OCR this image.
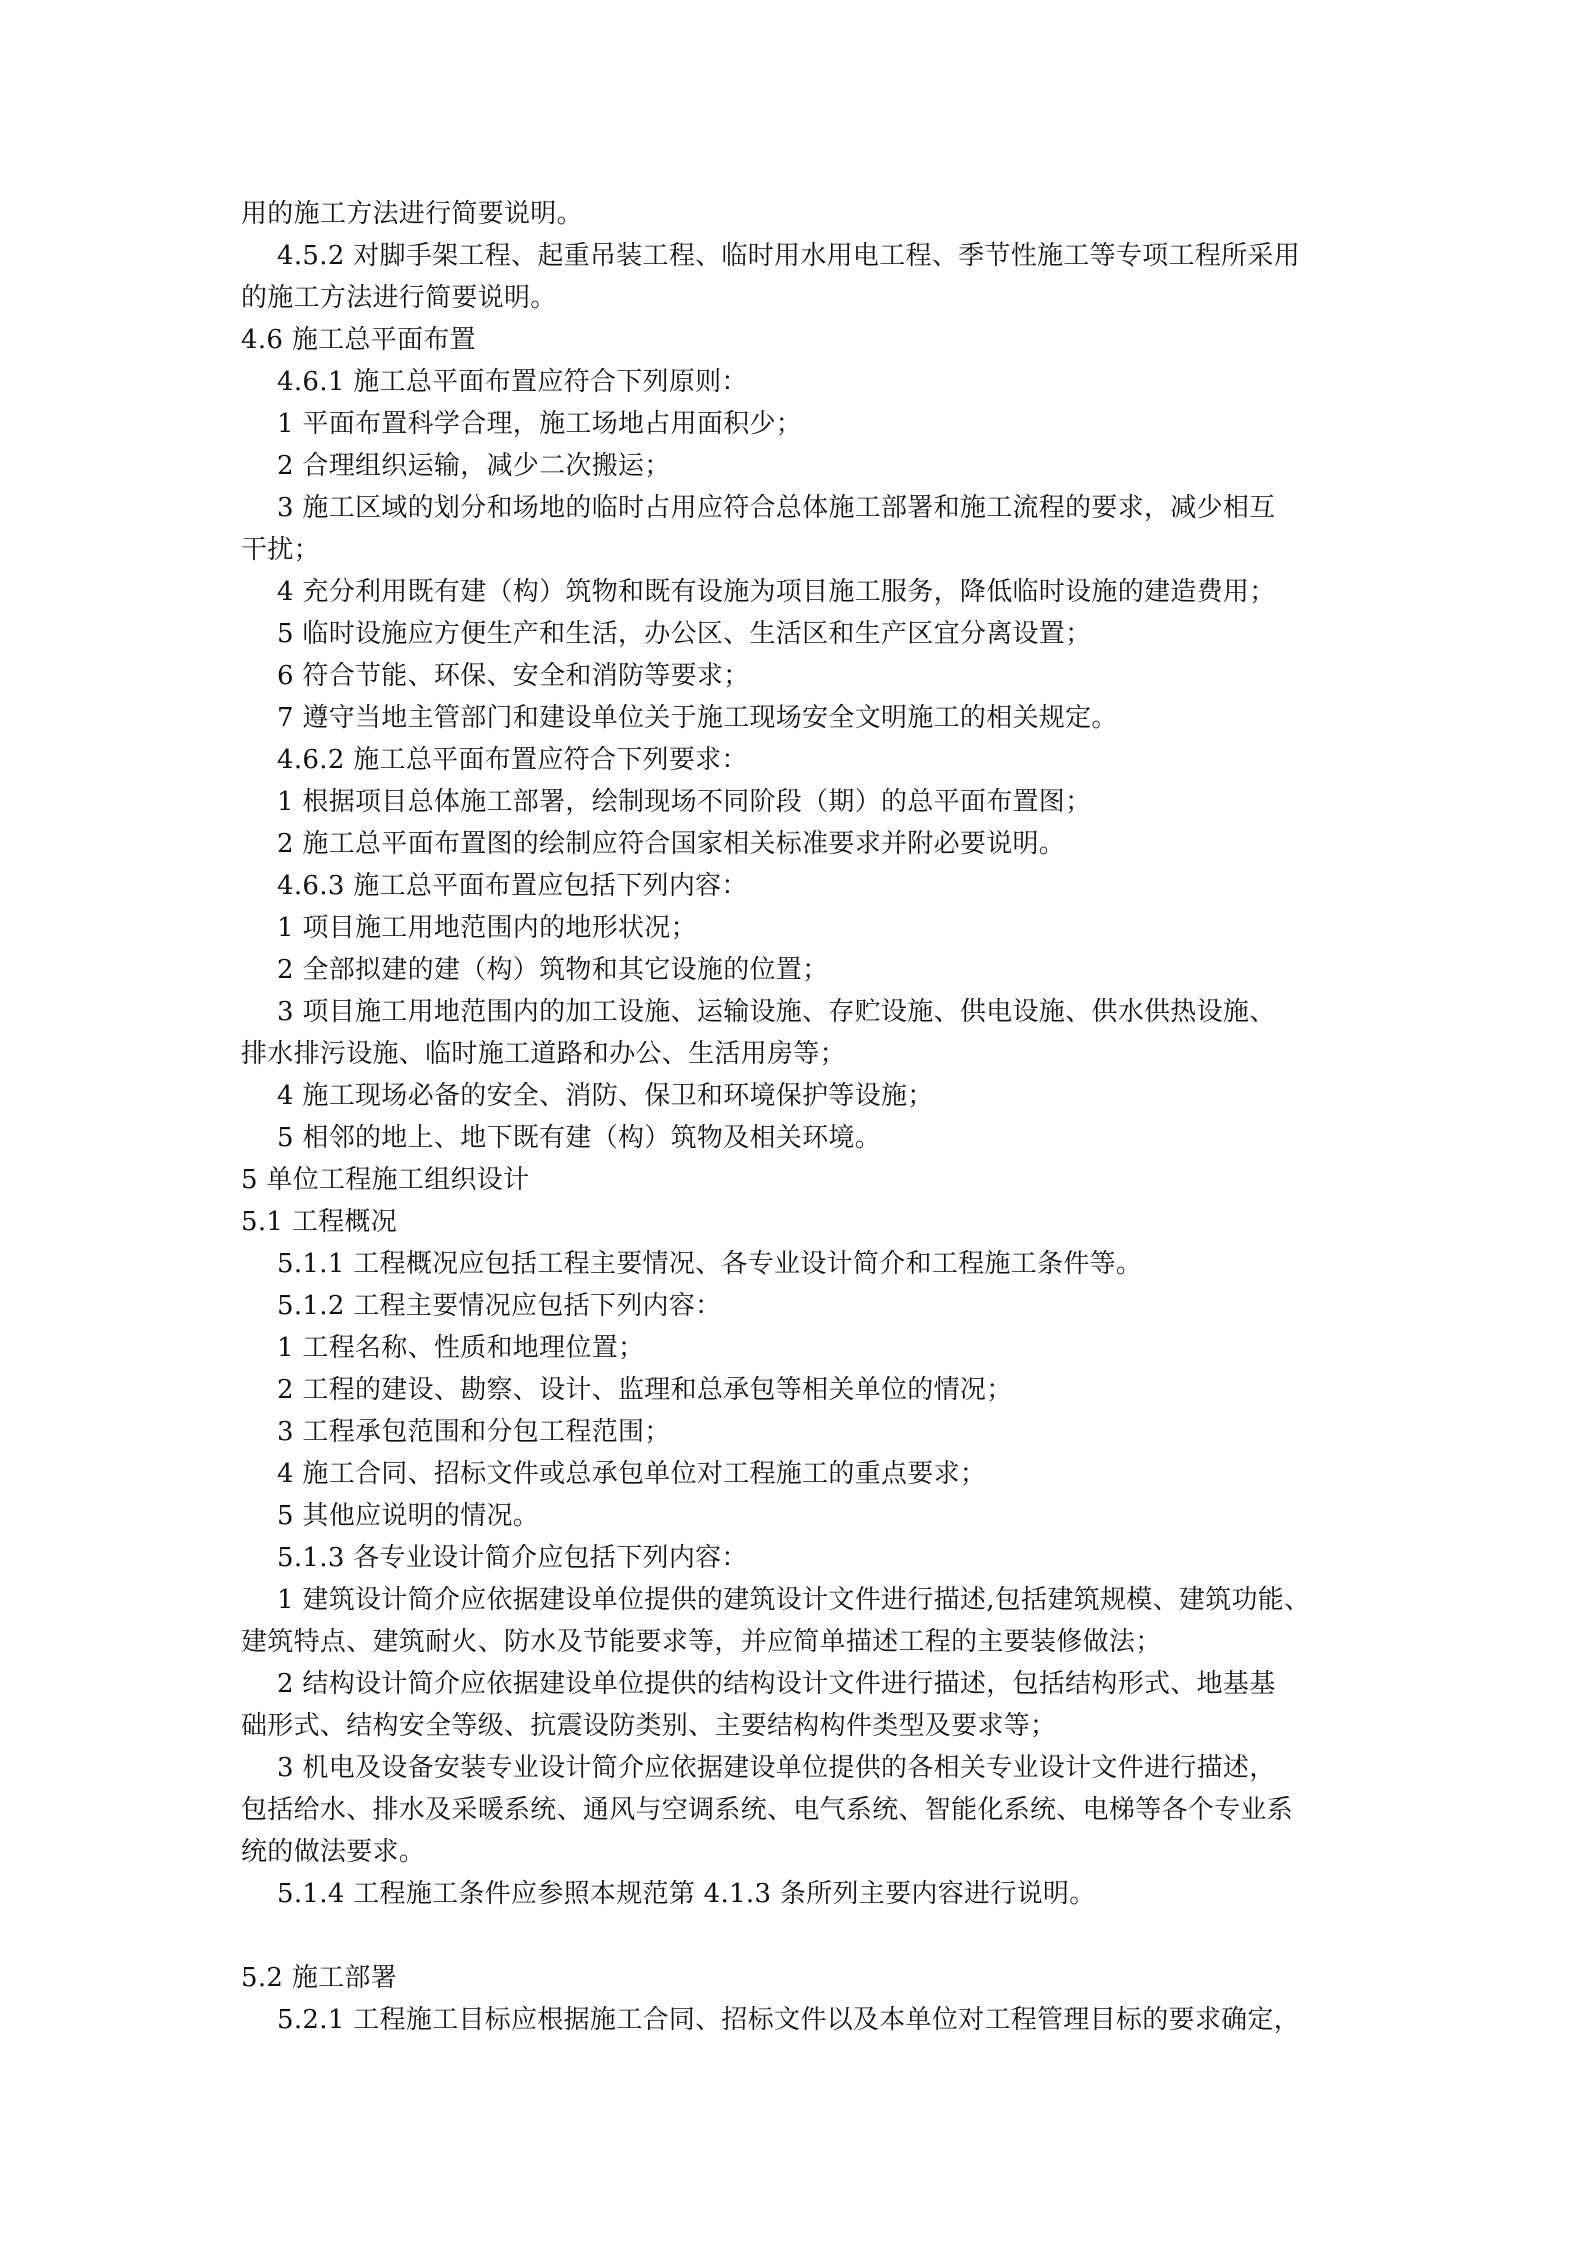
用的施工方法进行简要说明。

4.5.2 对脚手架工程、起重吊装工程、临时用水用电工程、季节性施工等专项工程所采用

的施工方法进行简要说明。

4.6 施工总平面布置

4.6.1 施工总平面布置应符合下列原则：

1 平面布置科学合理，施工场地占用面积少；

2 合理组织运输，减少二次搬运；

3 施工区域的划分和场地的临时占用应符合总体施工部署和施工流程的要求，减少相互

干扰；

4 充分利用既有建（构）筑物和既有设施为项目施工服务，降低临时设施的建造费用；

5 临时设施应方便生产和生活，办公区、生活区和生产区宜分离设置；

6 符合节能、环保、安全和消防等要求；

7 遵守当地主管部门和建设单位关于施工现场安全文明施工的相关规定。

4.6.2 施工总平面布置应符合下列要求：

1 根据项目总体施工部署，绘制现场不同阶段（期）的总平面布置图；

2 施工总平面布置图的绘制应符合国家相关标准要求并附必要说明。

4.6.3 施工总平面布置应包括下列内容：

1 项目施工用地范围内的地形状况；

2 全部拟建的建（构）筑物和其它设施的位置；

3 项目施工用地范围内的加工设施、运输设施、存贮设施、供电设施、供水供热设施、

排水排污设施、临时施工道路和办公、生活用房等；

4 施工现场必备的安全、消防、保卫和环境保护等设施；

5 相邻的地上、地下既有建（构）筑物及相关环境。

5 单位工程施工组织设计

5.1 工程概况

5.1.1 工程概况应包括工程主要情况、各专业设计简介和工程施工条件等。

5.1.2 工程主要情况应包括下列内容：

1 工程名称、性质和地理位置；

2 工程的建设、勘察、设计、监理和总承包等相关单位的情况；

3 工程承包范围和分包工程范围；

4 施工合同、招标文件或总承包单位对工程施工的重点要求；

5 其他应说明的情况。

5.1.3 各专业设计简介应包括下列内容：

1 建筑设计简介应依据建设单位提供的建筑设计文件进行描述,包括建筑规模、建筑功能、

建筑特点、建筑耐火、防水及节能要求等，并应简单描述工程的主要装修做法；

2 结构设计简介应依据建设单位提供的结构设计文件进行描述，包括结构形式、地基基

础形式、结构安全等级、抗震设防类别、主要结构构件类型及要求等；

3 机电及设备安装专业设计简介应依据建设单位提供的各相关专业设计文件进行描述，

包括给水、排水及采暖系统、通风与空调系统、电气系统、智能化系统、电梯等各个专业系

统的做法要求。

5.1.4 工程施工条件应参照本规范第 4.1.3 条所列主要内容进行说明。

5.2 施工部署

5.2.1 工程施工目标应根据施工合同、招标文件以及本单位对工程管理目标的要求确定，
